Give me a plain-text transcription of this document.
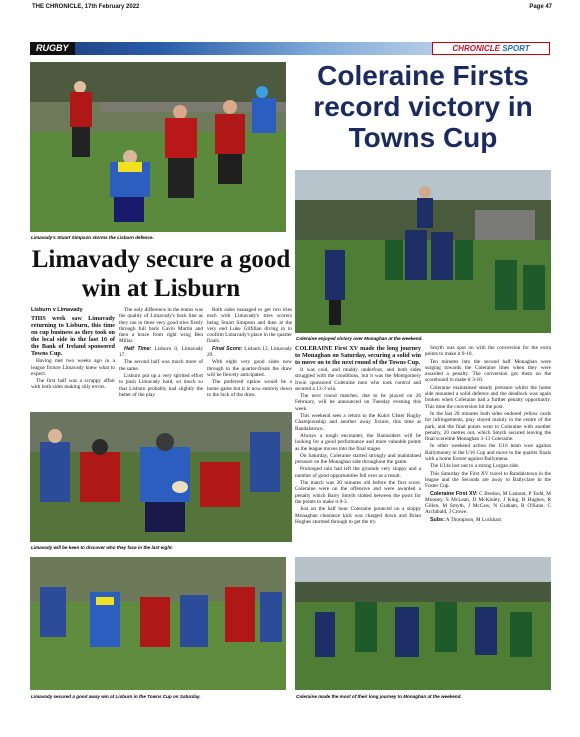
THE CHRONICLE, 17th February 2022	Page 47
RUGBY	CHRONICLE SPORT
Limavady's Stuart Simpson storms the Lisburn defence.
Coleraine Firsts record victory in Towns Cup
Coleraine enjoyed victory over Monaghan at the weekend.
Limavady secure a good win at Lisburn
Lisburn v Limavady

THIS week saw Limavady returning to Lisburn, this time on cup business as they took on the local side in the last 16 of the Bank of Ireland sponsored Towns Cup.

Having met two weeks ago in a league fixture Limavady knew what to expect.

The first half was a scrappy affair with both sides making silly errors.

The only difference in the teams was the quality of Limavady's back line as they ran in three very good tries firstly through full back Gavin Martin and then a brace from right wing Ben Millar.

Half Time: Lisburn 0, Limavady 17.

The second half was much more of the same.

Lisburn put up a very spirited effort to push Limavady hard, so much so that Lisburn probably had slightly the better of the play

Both sides managed to get two tries each with Limavady's tries scorers being Stuart Simpson and then at the very end Luke Gilfillan diving in to confirm Limavady's place in the quarter finals.

Final Score: Lisburn 12, Limavady 29.

With eight very good sides now through to the quarter-finals the draw will be fiercely anticipated.

The preferred option would be a home game but it is now entirely down to the luck of the draw.

Limavady will be keen to discover who they face in the last eight.

COLERAINE First XV made the long journey to Monaghan on Saturday, securing a solid win to move on to the next round of the Towns Cup.

It was cold, and muddy underfoot, and both sides struggled with the conditions, but it was the Montgomery Irwin sponsored Coleraine men who took control and secured a 13-3 win.

The next round matches, due to be played on 26 February, will be announced on Tuesday evening this week.

This weekend sees a return to the Kukri Ulster Rugby Championship and another away fixture, this time at Randalstown.

Always a tough encounter, the Bannsiders will be looking for a good performance and more valuable points as the league moves into the final stages.

On Saturday, Coleraine started strongly and maintained pressure on the Monaghan side throughout the game.

Prolonged rain had left the grounds very sloppy and a number of good opportunities fell over as a result.

The match was 20 minutes old before the first score. Coleraine were on the offensive and were awarded a penalty which Barry Smyth slotted between the posts for the points to make it 0-3.

Just on the half hour Coleraine pounced on a sloppy Monaghan clearance kick was charged down and Brian Hughes stormed through to get the try.

Smyth was spot on with the conversion for the extra points to make it 0-10.

Ten minutes into the second half Monaghan were surging towards the Coleraine lines when they were awarded a penalty. The conversion got them on the scoreboard to make it 3-10.

Coleraine maintained steady pressure whilst the home side mounted a solid defence and the deadlock was again broken when Coleraine had a further penalty opportunity. This time the conversion hit the post.

In the last 20 minutes both sides endured yellow cards for infringements, play stayed mainly in the centre of the park, and the final points went to Coleraine with another penalty, 20 metres out, which Smyth secured leaving the final scoreline Monaghan 3-13 Coleraine.

In other weekend action the U16 team won against Ballymoney in the U16 Cup and move to the quarter finals with a home fixture against Ballymena.

The U14s lost out to a strong Lurgan side.

This Saturday the First XV travel to Randalstown in the league and the Seconds are away to Ballyclare in the Foster Cup.

Coleraine First XV: C Bredon, M Lamont, P Todd, M Mooney, S McLean, D McKinley, J King, B Hughes, R Gillen, M Smyth, J McCaw, N Graham, R O'Kane, C Archibald, J Crowe.

Subs: A Thompson, M Lockhart.

Limavady secured a good away win at Lisburn in the Towns Cup on Saturday.	Coleraine made the most of their long journey to Monaghan at the weekend.
